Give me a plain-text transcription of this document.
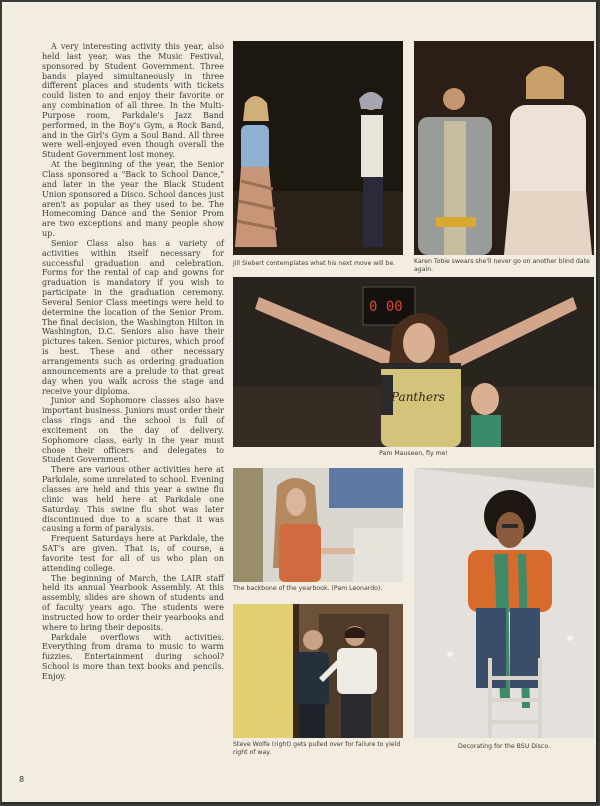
A very interesting activity this year, also held last year, was the Music Festival, sponsored by Student Government. Three bands played simultaneously in three different places and students with tickets could listen to and enjoy their favorite or any combination of all three. In the Multi-Purpose room, Parkdale's Jazz Band performed, in the Boy's Gym, a Rock Band, and in the Girl's Gym a Soul Band. All three were well-enjoyed even though overall the Student Government lost money.

At the beginning of the year, the Senior Class sponsored a "Back to School Dance," and later in the year the Black Student Union sponsored a Disco. School dances just aren't as popular as they used to be. The Homecoming Dance and the Senior Prom are two exceptions and many people show up.

Senior Class also has a variety of activities within itself necessary for successful graduation and celebration. Forms for the rental of cap and gowns for graduation is mandatory if you wish to participate in the graduation ceremony. Several Senior Class meetings were held to determine the location of the Senior Prom. The final decision, the Washington Hilton in Washington, D.C. Seniors also have their pictures taken. Senior pictures, which proof is best. These and other necessary arrangements such as ordering graduation announcements are a prelude to that great day when you walk across the stage and receive your diploma.

Junior and Sophomore classes also have important business. Juniors must order their class rings and the school is full of excitement on the day of delivery. Sophomore class, early in the year must chose their officers and delegates to Student Government.

There are various other activities here at Parkdale, some unrelated to school. Evening classes are held and this year a swine flu clinic was held here at Parkdale one Saturday. This swine flu shot was later discontinued due to a scare that it was causing a form of paralysis.

Frequent Saturdays here at Parkdale, the SAT's are given. That is, of course, a favorite test for all of us who plan on attending college.

The beginning of March, the LAIR staff held its annual Yearbook Assembly. At this assembly, slides are shown of students and of faculty years ago. The students were instructed how to order their yearbooks and where to bring their deposits.

Parkdale overflows with activities. Everything from drama to music to warm fuzzies. Entertainment during school? School is more than text books and pencils. Enjoy.

Jill Siebert contemplates what his next move will be.	Karen Tobie swears she'll never go on another blind date again.
0 00
Panthers
Pam Mauseen, fly me!
The backbone of the yearbook. (Pam Leonardo).
Steve Wolfe (right) gets pulled over for failure to yield right of way.
Decorating for the BSU Disco.
8
